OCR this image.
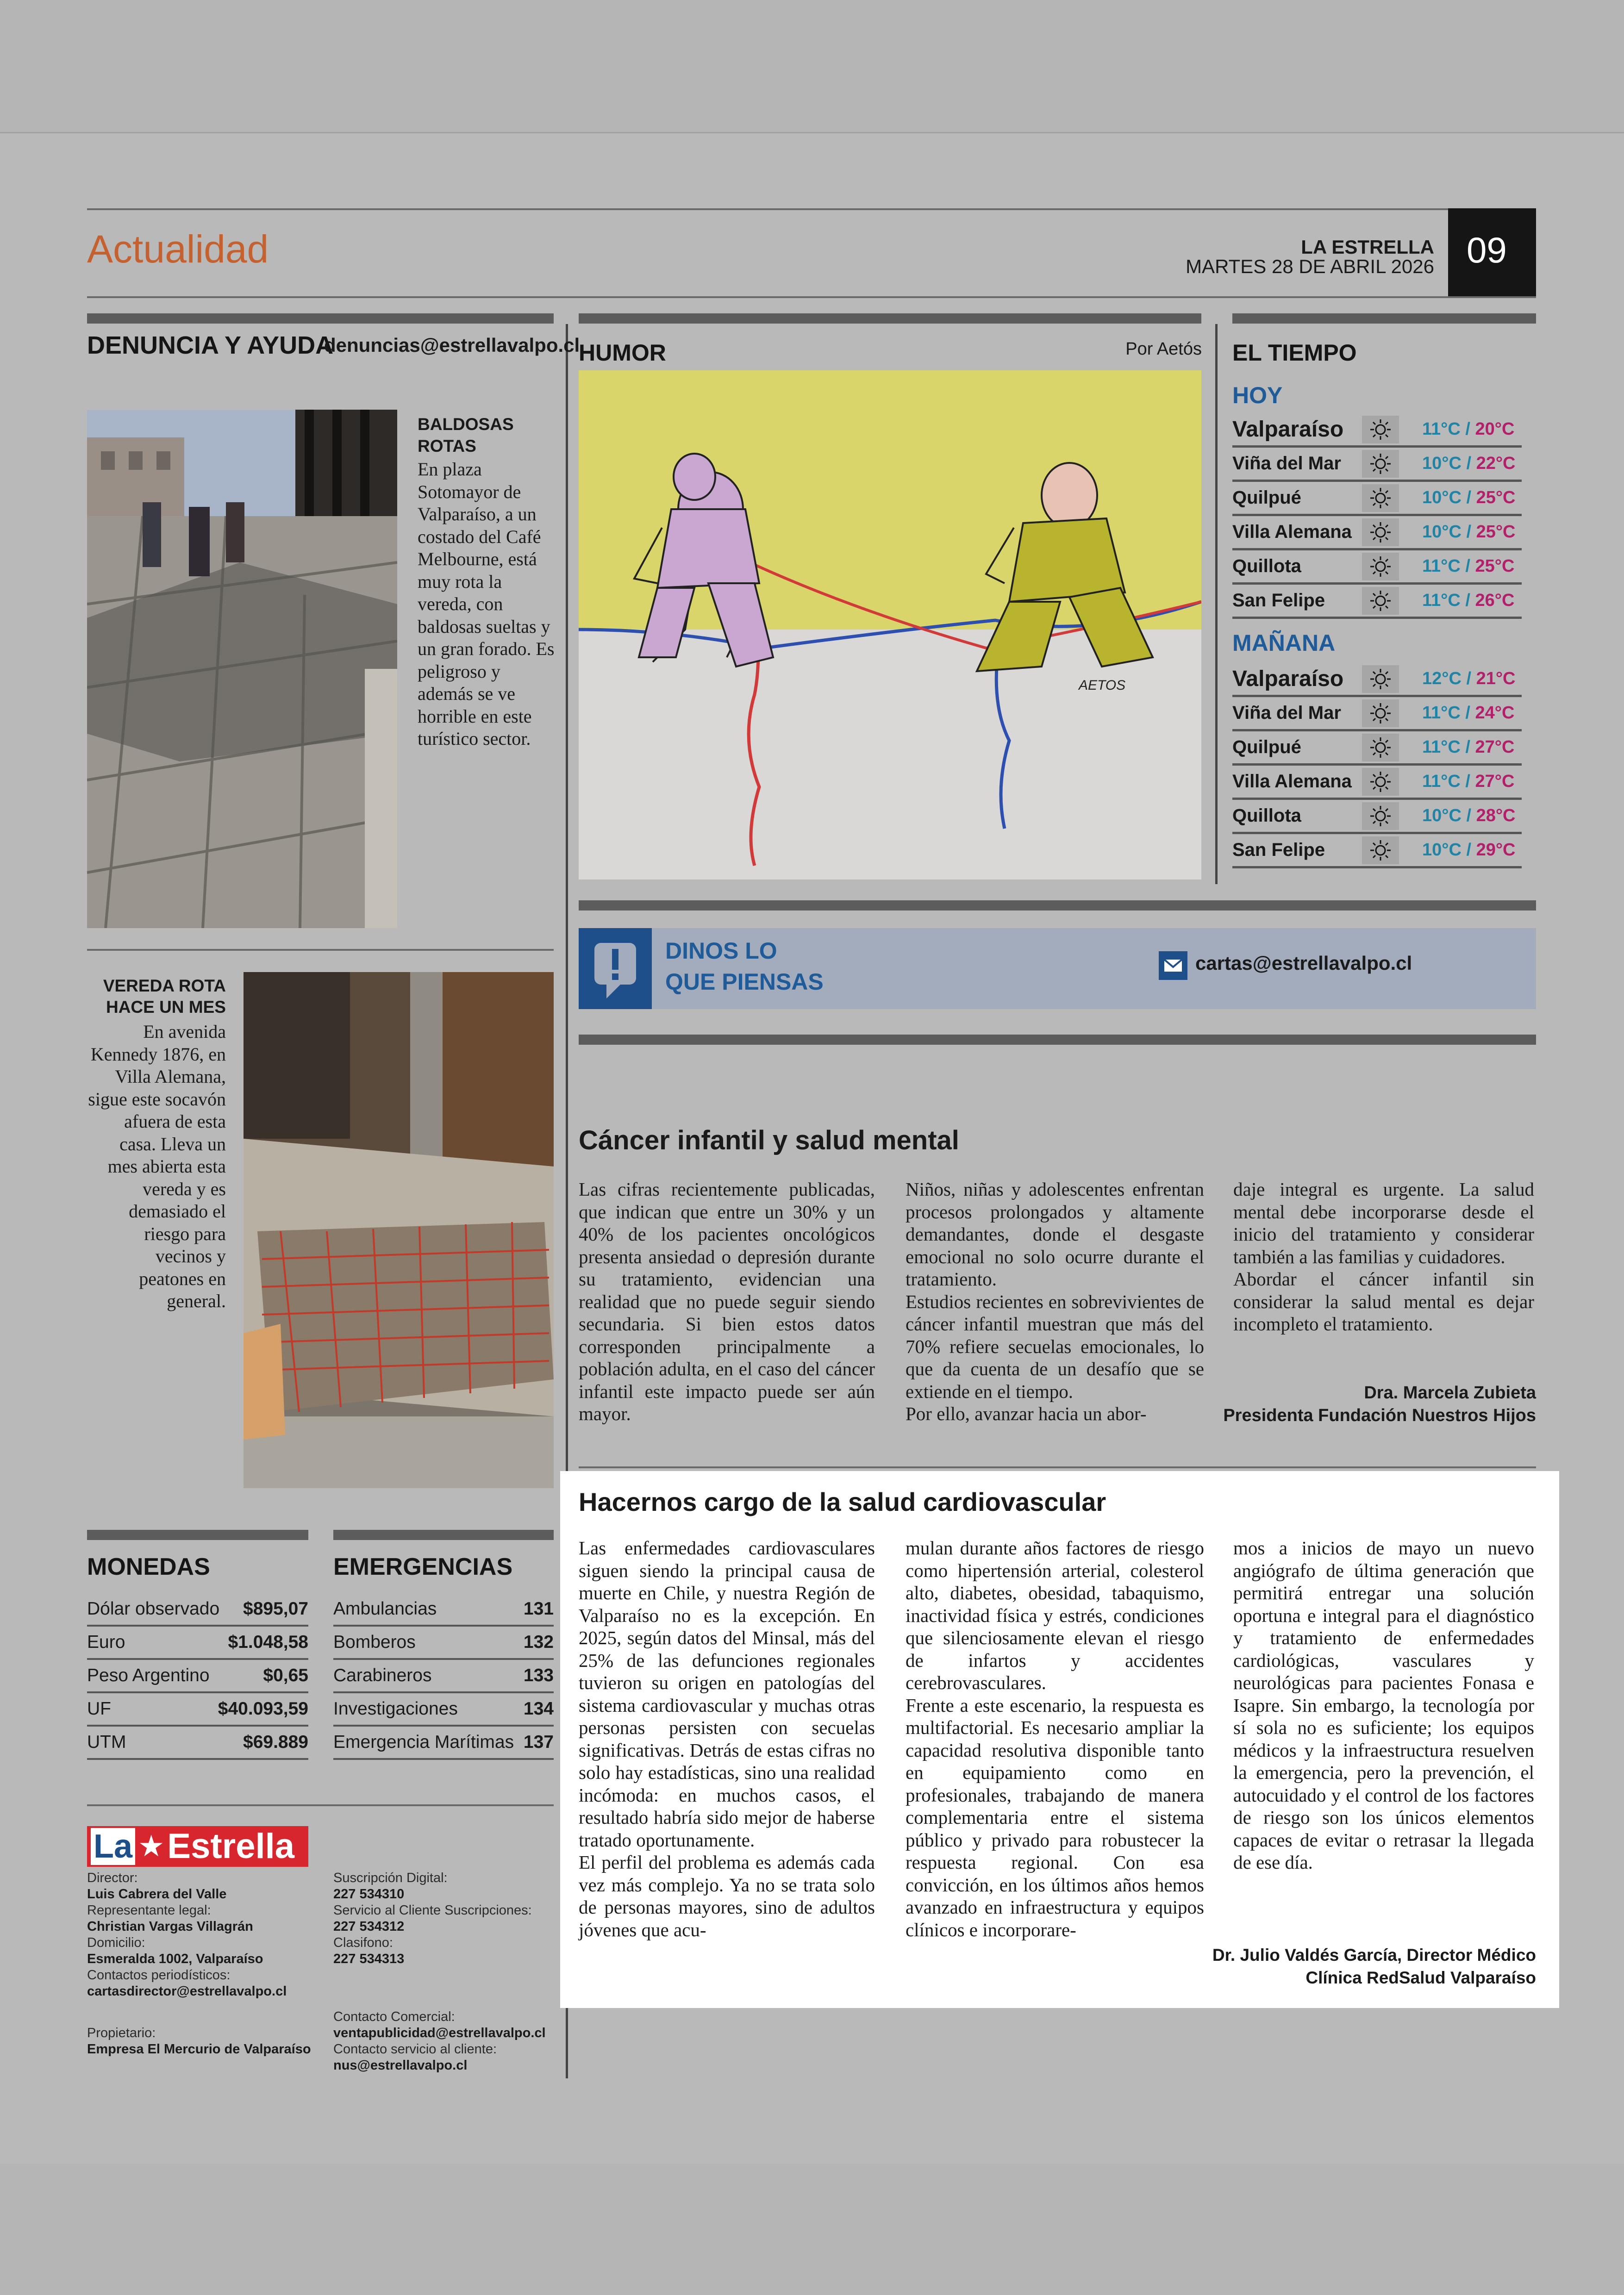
Actualidad	LA ESTRELLA
MARTES 28 DE ABRIL 2026 09
DENUNCIA Y AYUDA
denuncias@estrellavalpo.cl
BALDOSAS ROTAS
En plaza Sotomayor de Valparaíso, a un costado del Café Melbourne, está muy rota la vereda, con baldosas sueltas y un gran forado. Es peligroso y además se ve horrible en este turístico sector.
VEREDA ROTA HACE UN MES
En avenida Kennedy 1876, en Villa Alemana, sigue este socavón afuera de esta casa. Lleva un mes abierta esta vereda y es demasiado el riesgo para vecinos y peatones en general.
HUMOR	Por Aetós
AETOS
EL TIEMPO
HOY
Valparaíso	11°C / 20°C
Viña del Mar	10°C / 22°C
Quilpué	10°C / 25°C
Villa Alemana	10°C / 25°C
Quillota	11°C / 25°C
San Felipe	11°C / 26°C
MAÑANA
Valparaíso	12°C / 21°C
Viña del Mar	11°C / 24°C
Quilpué	11°C / 27°C
Villa Alemana	11°C / 27°C
Quillota	10°C / 28°C
San Felipe	10°C / 29°C
DINOS LO
QUE PIENSAS
cartas@estrellavalpo.cl
Cáncer infantil y salud mental
Las cifras recientemente publicadas, que indican que entre un 30% y un 40% de los pacientes oncológicos presenta ansiedad o depresión durante su tratamiento, evidencian una realidad que no puede seguir siendo secundaria. Si bien estos datos corresponden principalmente a población adulta, en el caso del cáncer infantil este impacto puede ser aún mayor.
Niños, niñas y adolescentes enfrentan procesos prolongados y altamente demandantes, donde el desgaste emocional no solo ocurre durante el tratamiento.
Estudios recientes en sobrevivientes de cáncer infantil muestran que más del 70% refiere secuelas emocionales, lo que da cuenta de un desafío que se extiende en el tiempo.
Por ello, avanzar hacia un abor-
daje integral es urgente. La salud mental debe incorporarse desde el inicio del tratamiento y considerar también a las familias y cuidadores.
Abordar el cáncer infantil sin considerar la salud mental es dejar incompleto el tratamiento.
Dra. Marcela Zubieta
Presidenta Fundación Nuestros Hijos
Hacernos cargo de la salud cardiovascular
Las enfermedades cardiovasculares siguen siendo la principal causa de muerte en Chile, y nuestra Región de Valparaíso no es la excepción. En 2025, según datos del Minsal, más del 25% de las defunciones regionales tuvieron su origen en patologías del sistema cardiovascular y muchas otras personas persisten con secuelas significativas. Detrás de estas cifras no solo hay estadísticas, sino una realidad incómoda: en muchos casos, el resultado habría sido mejor de haberse tratado oportunamente.
El perfil del problema es además cada vez más complejo. Ya no se trata solo de personas mayores, sino de adultos jóvenes que acu-
mulan durante años factores de riesgo como hipertensión arterial, colesterol alto, diabetes, obesidad, tabaquismo, inactividad física y estrés, condiciones que silenciosamente elevan el riesgo de infartos y accidentes cerebrovasculares.
Frente a este escenario, la respuesta es multifactorial. Es necesario ampliar la capacidad resolutiva disponible tanto en equipamiento como en profesionales, trabajando de manera complementaria entre el sistema público y privado para robustecer la respuesta regional. Con esa convicción, en los últimos años hemos avanzado en infraestructura y equipos clínicos e incorporare-
mos a inicios de mayo un nuevo angiógrafo de última generación que permitirá entregar una solución oportuna e integral para el diagnóstico y tratamiento de enfermedades cardiológicas, vasculares y neurológicas para pacientes Fonasa e Isapre. Sin embargo, la tecnología por sí sola no es suficiente; los equipos médicos y la infraestructura resuelven la emergencia, pero la prevención, el autocuidado y el control de los factores de riesgo son los únicos elementos capaces de evitar o retrasar la llegada de ese día.
Dr. Julio Valdés García, Director Médico
Clínica RedSalud Valparaíso
MONEDAS
Dólar observado $895,07
Euro	$1.048,58
Peso Argentino	$0,65
UF	$40.093,59
UTM	$69.889
EMERGENCIAS
Ambulancias	131
Bomberos	132
Carabineros	133
Investigaciones	134
Emergencia Marítimas 137
La ★ Estrella
Director:
Luis Cabrera del Valle
Representante legal:
Christian Vargas Villagrán
Domicilio:
Esmeralda 1002, Valparaíso
Contactos periodísticos:
cartasdirector@estrellavalpo.cl
Propietario:
Empresa El Mercurio de Valparaíso
Suscripción Digital:
227 534310
Servicio al Cliente Suscripciones:
227 534312
Clasifono:
227 534313
Contacto Comercial:
ventapublicidad@estrellavalpo.cl
Contacto servicio al cliente:
nus@estrellavalpo.cl
